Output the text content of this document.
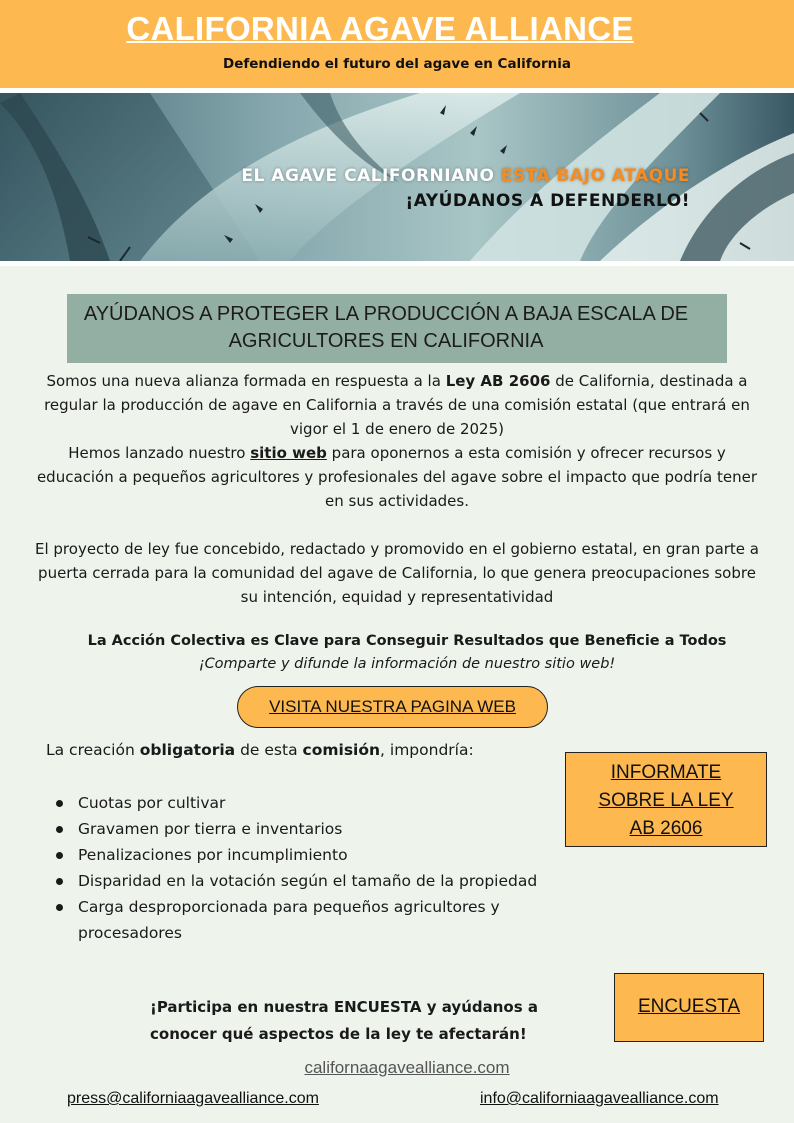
CALIFORNIA AGAVE ALLIANCE
Defendiendo el futuro del agave en California
EL AGAVE CALIFORNIANO ESTA BAJO ATAQUE
¡AYÚDANOS A DEFENDERLO!
AYÚDANOS A PROTEGER LA PRODUCCIÓN A BAJA ESCALA DE
AGRICULTORES EN CALIFORNIA
Somos una nueva alianza formada en respuesta a la Ley AB 2606 de California, destinada a regular la producción de agave en California a través de una comisión estatal (que entrará en vigor el 1 de enero de 2025)
Hemos lanzado nuestro sitio web para oponernos a esta comisión y ofrecer recursos y educación a pequeños agricultores y profesionales del agave sobre el impacto que podría tener en sus actividades.
El proyecto de ley fue concebido, redactado y promovido en el gobierno estatal, en gran parte a puerta cerrada para la comunidad del agave de California, lo que genera preocupaciones sobre su intención, equidad y representatividad
La Acción Colectiva es Clave para Conseguir Resultados que Beneficie a Todos
¡Comparte y difunde la información de nuestro sitio web!
VISITA NUESTRA PAGINA WEB
La creación obligatoria de esta comisión, impondría:
Cuotas por cultivar
Gravamen por tierra e inventarios
Penalizaciones por incumplimiento
Disparidad en la votación según el tamaño de la propiedad
Carga desproporcionada para pequeños agricultores y procesadores
INFORMATE
SOBRE LA LEY
AB 2606
¡Participa en nuestra ENCUESTA y ayúdanos a conocer qué aspectos de la ley te afectarán!
ENCUESTA
californaagavealliance.com
press@californiaagavealliance.com	info@californiaagavealliance.com
